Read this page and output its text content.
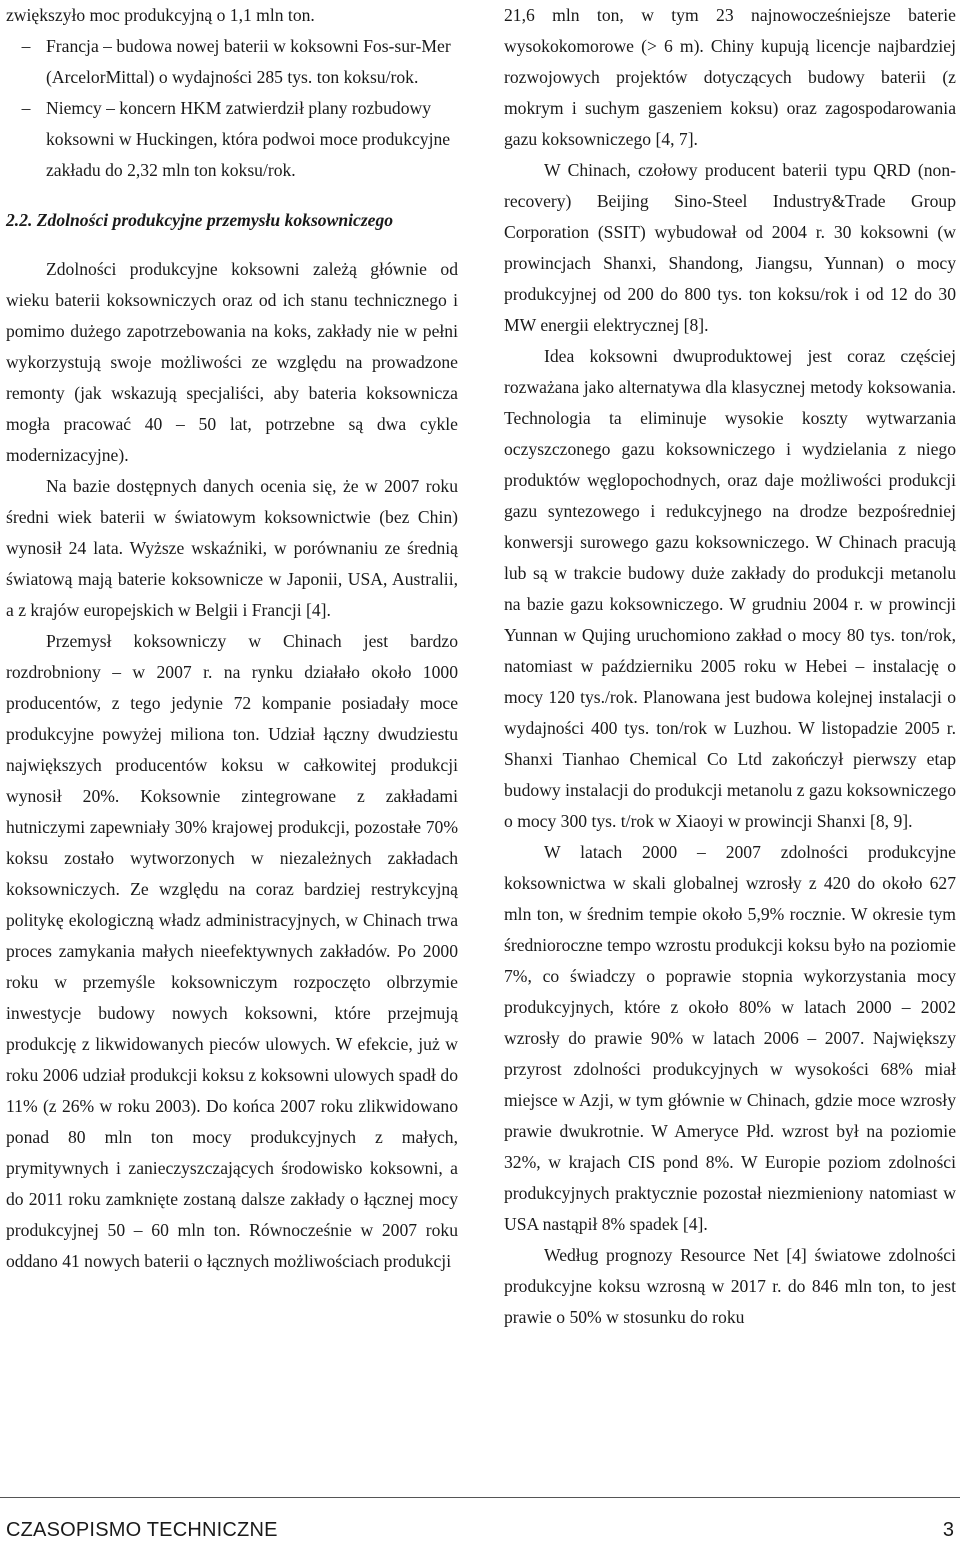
zwiększyło moc produkcyjną o 1,1 mln ton.

– Francja – budowa nowej baterii w koksowni Fos-sur-Mer (ArcelorMittal) o wydajności 285 tys. ton koksu/rok.
– Niemcy – koncern HKM zatwierdził plany rozbudowy koksowni w Huckingen, która podwoi moce produkcyjne zakładu do 2,32 mln ton koksu/rok.

2.2. Zdolności produkcyjne przemysłu koksowniczego

Zdolności produkcyjne koksowni zależą głównie od wieku baterii koksowniczych oraz od ich stanu technicznego i pomimo dużego zapotrzebowania na koks, zakłady nie w pełni wykorzystują swoje możliwości ze względu na prowadzone remonty (jak wskazują specjaliści, aby bateria koksownicza mogła pracować 40 – 50 lat, potrzebne są dwa cykle modernizacyjne).

Na bazie dostępnych danych ocenia się, że w 2007 roku średni wiek baterii w światowym koksownictwie (bez Chin) wynosił 24 lata. Wyższe wskaźniki, w porównaniu ze średnią światową mają baterie koksownicze w Japonii, USA, Australii, a z krajów europejskich w Belgii i Francji [4].

Przemysł koksowniczy w Chinach jest bardzo rozdrobniony – w 2007 r. na rynku działało około 1000 producentów, z tego jedynie 72 kompanie posiadały moce produkcyjne powyżej miliona ton. Udział łączny dwudziestu największych producentów koksu w całkowitej produkcji wynosił 20%. Koksownie zintegrowane z zakładami hutniczymi zapewniały 30% krajowej produkcji, pozostałe 70% koksu zostało wytworzonych w niezależnych zakładach koksowniczych. Ze względu na coraz bardziej restrykcyjną politykę ekologiczną władz administracyjnych, w Chinach trwa proces zamykania małych nieefektywnych zakładów. Po 2000 roku w przemyśle koksowniczym rozpoczęto olbrzymie inwestycje budowy nowych koksowni, które przejmują produkcję z likwidowanych pieców ulowych. W efekcie, już w roku 2006 udział produkcji koksu z koksowni ulowych spadł do 11% (z 26% w roku 2003). Do końca 2007 roku zlikwidowano ponad 80 mln ton mocy produkcyjnych z małych, prymitywnych i zanieczyszczających środowisko koksowni, a do 2011 roku zamknięte zostaną dalsze zakłady o łącznej mocy produkcyjnej 50 – 60 mln ton. Równocześnie w 2007 roku oddano 41 nowych baterii o łącznych możliwościach produkcji

21,6 mln ton, w tym 23 najnowocześniejsze baterie wysokokomorowe (> 6 m). Chiny kupują licencje najbardziej rozwojowych projektów dotyczących budowy baterii (z mokrym i suchym gaszeniem koksu) oraz zagospodarowania gazu koksowniczego [4, 7].

W Chinach, czołowy producent baterii typu QRD (non-recovery) Beijing Sino-Steel Industry&Trade Group Corporation (SSIT) wybudował od 2004 r. 30 koksowni (w prowincjach Shanxi, Shandong, Jiangsu, Yunnan) o mocy produkcyjnej od 200 do 800 tys. ton koksu/rok i od 12 do 30 MW energii elektrycznej [8].

Idea koksowni dwuproduktowej jest coraz częściej rozważana jako alternatywa dla klasycznej metody koksowania. Technologia ta eliminuje wysokie koszty wytwarzania oczyszczonego gazu koksowniczego i wydzielania z niego produktów węglopochodnych, oraz daje możliwości produkcji gazu syntezowego i redukcyjnego na drodze bezpośredniej konwersji surowego gazu koksowniczego. W Chinach pracują lub są w trakcie budowy duże zakłady do produkcji metanolu na bazie gazu koksowniczego. W grudniu 2004 r. w prowincji Yunnan w Qujing uruchomiono zakład o mocy 80 tys. ton/rok, natomiast w październiku 2005 roku w Hebei – instalację o mocy 120 tys./rok. Planowana jest budowa kolejnej instalacji o wydajności 400 tys. ton/rok w Luzhou. W listopadzie 2005 r. Shanxi Tianhao Chemical Co Ltd zakończył pierwszy etap budowy instalacji do produkcji metanolu z gazu koksowniczego o mocy 300 tys. t/rok w Xiaoyi w prowincji Shanxi [8, 9].

W latach 2000 – 2007 zdolności produkcyjne koksownictwa w skali globalnej wzrosły z 420 do około 627 mln ton, w średnim tempie około 5,9% rocznie. W okresie tym średnioroczne tempo wzrostu produkcji koksu było na poziomie 7%, co świadczy o poprawie stopnia wykorzystania mocy produkcyjnych, które z około 80% w latach 2000 – 2002 wzrosły do prawie 90% w latach 2006 – 2007. Największy przyrost zdolności produkcyjnych w wysokości 68% miał miejsce w Azji, w tym głównie w Chinach, gdzie moce wzrosły prawie dwukrotnie. W Ameryce Płd. wzrost był na poziomie 32%, w krajach CIS pond 8%. W Europie poziom zdolności produkcyjnych praktycznie pozostał niezmieniony natomiast w USA nastąpił 8% spadek [4].

Według prognozy Resource Net [4] światowe zdolności produkcyjne koksu wzrosną w 2017 r. do 846 mln ton, to jest prawie o 50% w stosunku do roku

CZASOPISMO TECHNICZNE	3
